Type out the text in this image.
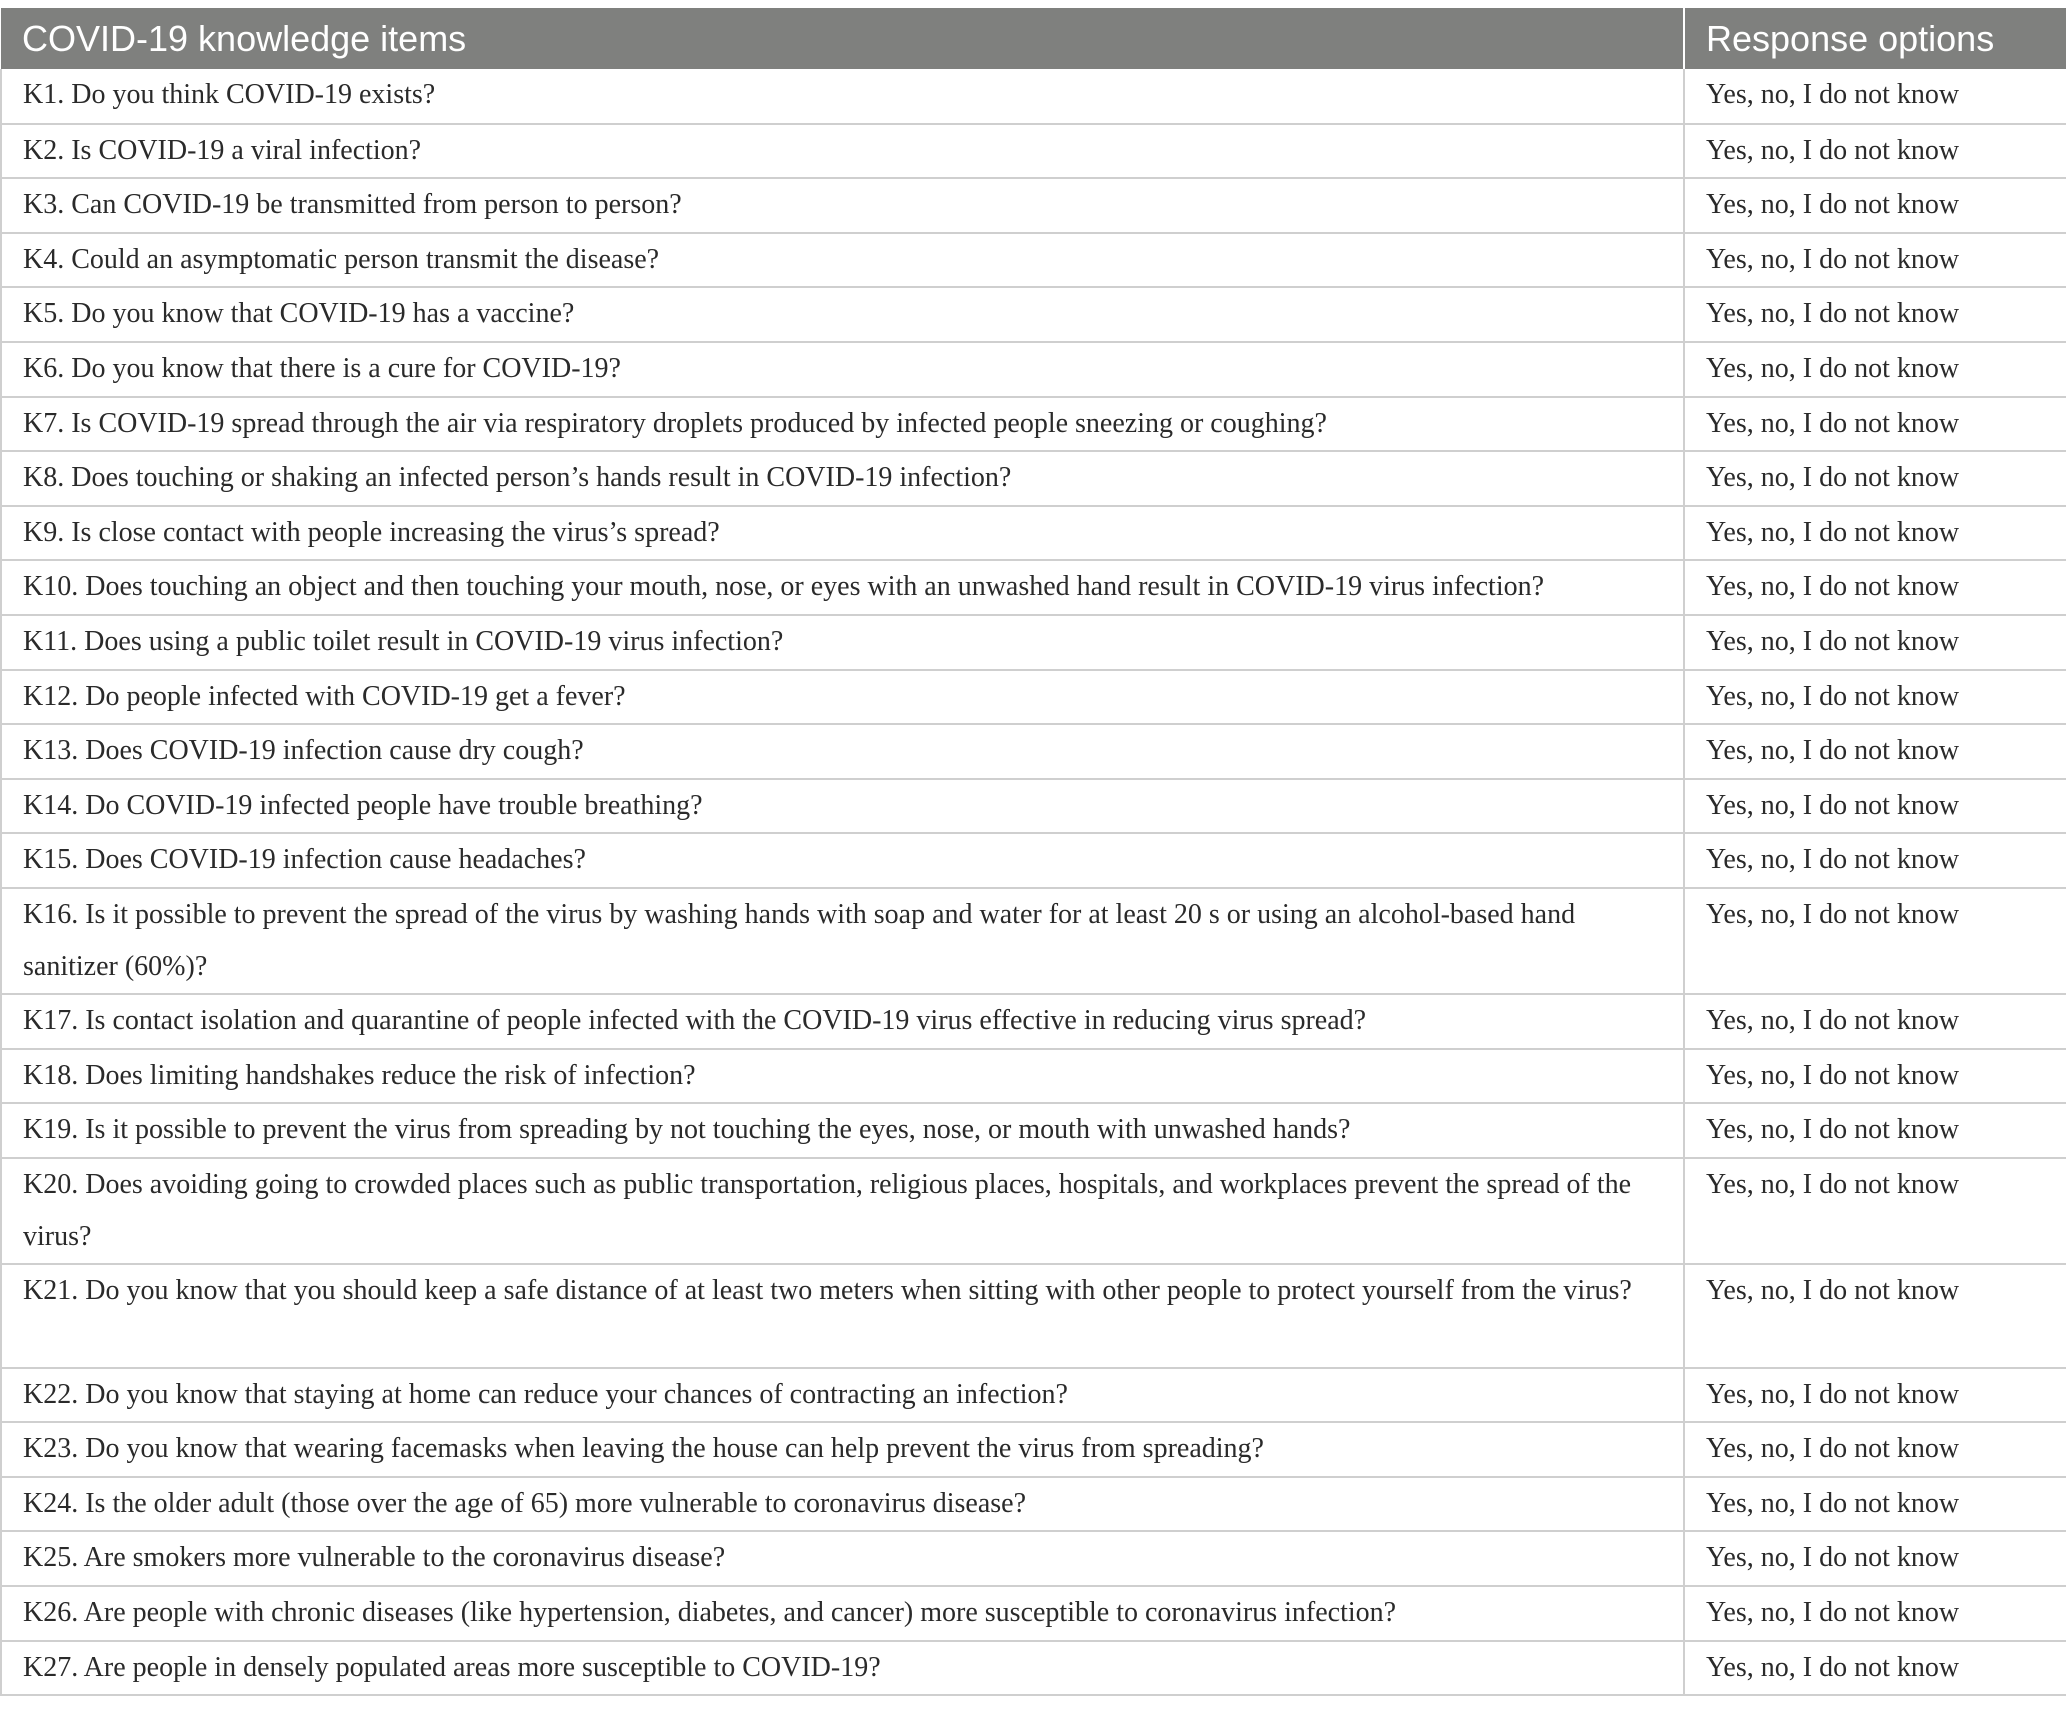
COVID-19 knowledge items	Response options
K1. Do you think COVID-19 exists?	Yes, no, I do not know
K2. Is COVID-19 a viral infection?	Yes, no, I do not know
K3. Can COVID-19 be transmitted from person to person?	Yes, no, I do not know
K4. Could an asymptomatic person transmit the disease?	Yes, no, I do not know
K5. Do you know that COVID-19 has a vaccine?	Yes, no, I do not know
K6. Do you know that there is a cure for COVID-19?	Yes, no, I do not know
K7. Is COVID-19 spread through the air via respiratory droplets produced by infected people sneezing or coughing?	Yes, no, I do not know
K8. Does touching or shaking an infected person’s hands result in COVID-19 infection?	Yes, no, I do not know
K9. Is close contact with people increasing the virus’s spread?	Yes, no, I do not know
K10. Does touching an object and then touching your mouth, nose, or eyes with an unwashed hand result in COVID-19 virus infection?	Yes, no, I do not know
K11. Does using a public toilet result in COVID-19 virus infection?	Yes, no, I do not know
K12. Do people infected with COVID-19 get a fever?	Yes, no, I do not know
K13. Does COVID-19 infection cause dry cough?	Yes, no, I do not know
K14. Do COVID-19 infected people have trouble breathing?	Yes, no, I do not know
K15. Does COVID-19 infection cause headaches?	Yes, no, I do not know
K16. Is it possible to prevent the spread of the virus by washing hands with soap and water for at least 20 s or using an alcohol-based hand sanitizer (60%)?	Yes, no, I do not know
K17. Is contact isolation and quarantine of people infected with the COVID-19 virus effective in reducing virus spread?	Yes, no, I do not know
K18. Does limiting handshakes reduce the risk of infection?	Yes, no, I do not know
K19. Is it possible to prevent the virus from spreading by not touching the eyes, nose, or mouth with unwashed hands?	Yes, no, I do not know
K20. Does avoiding going to crowded places such as public transportation, religious places, hospitals, and workplaces prevent the spread of the virus?	Yes, no, I do not know
K21. Do you know that you should keep a safe distance of at least two meters when sitting with other people to protect yourself from the virus?	Yes, no, I do not know
K22. Do you know that staying at home can reduce your chances of contracting an infection?	Yes, no, I do not know
K23. Do you know that wearing facemasks when leaving the house can help prevent the virus from spreading?	Yes, no, I do not know
K24. Is the older adult (those over the age of 65) more vulnerable to coronavirus disease?	Yes, no, I do not know
K25. Are smokers more vulnerable to the coronavirus disease?	Yes, no, I do not know
K26. Are people with chronic diseases (like hypertension, diabetes, and cancer) more susceptible to coronavirus infection?	Yes, no, I do not know
K27. Are people in densely populated areas more susceptible to COVID-19?	Yes, no, I do not know
